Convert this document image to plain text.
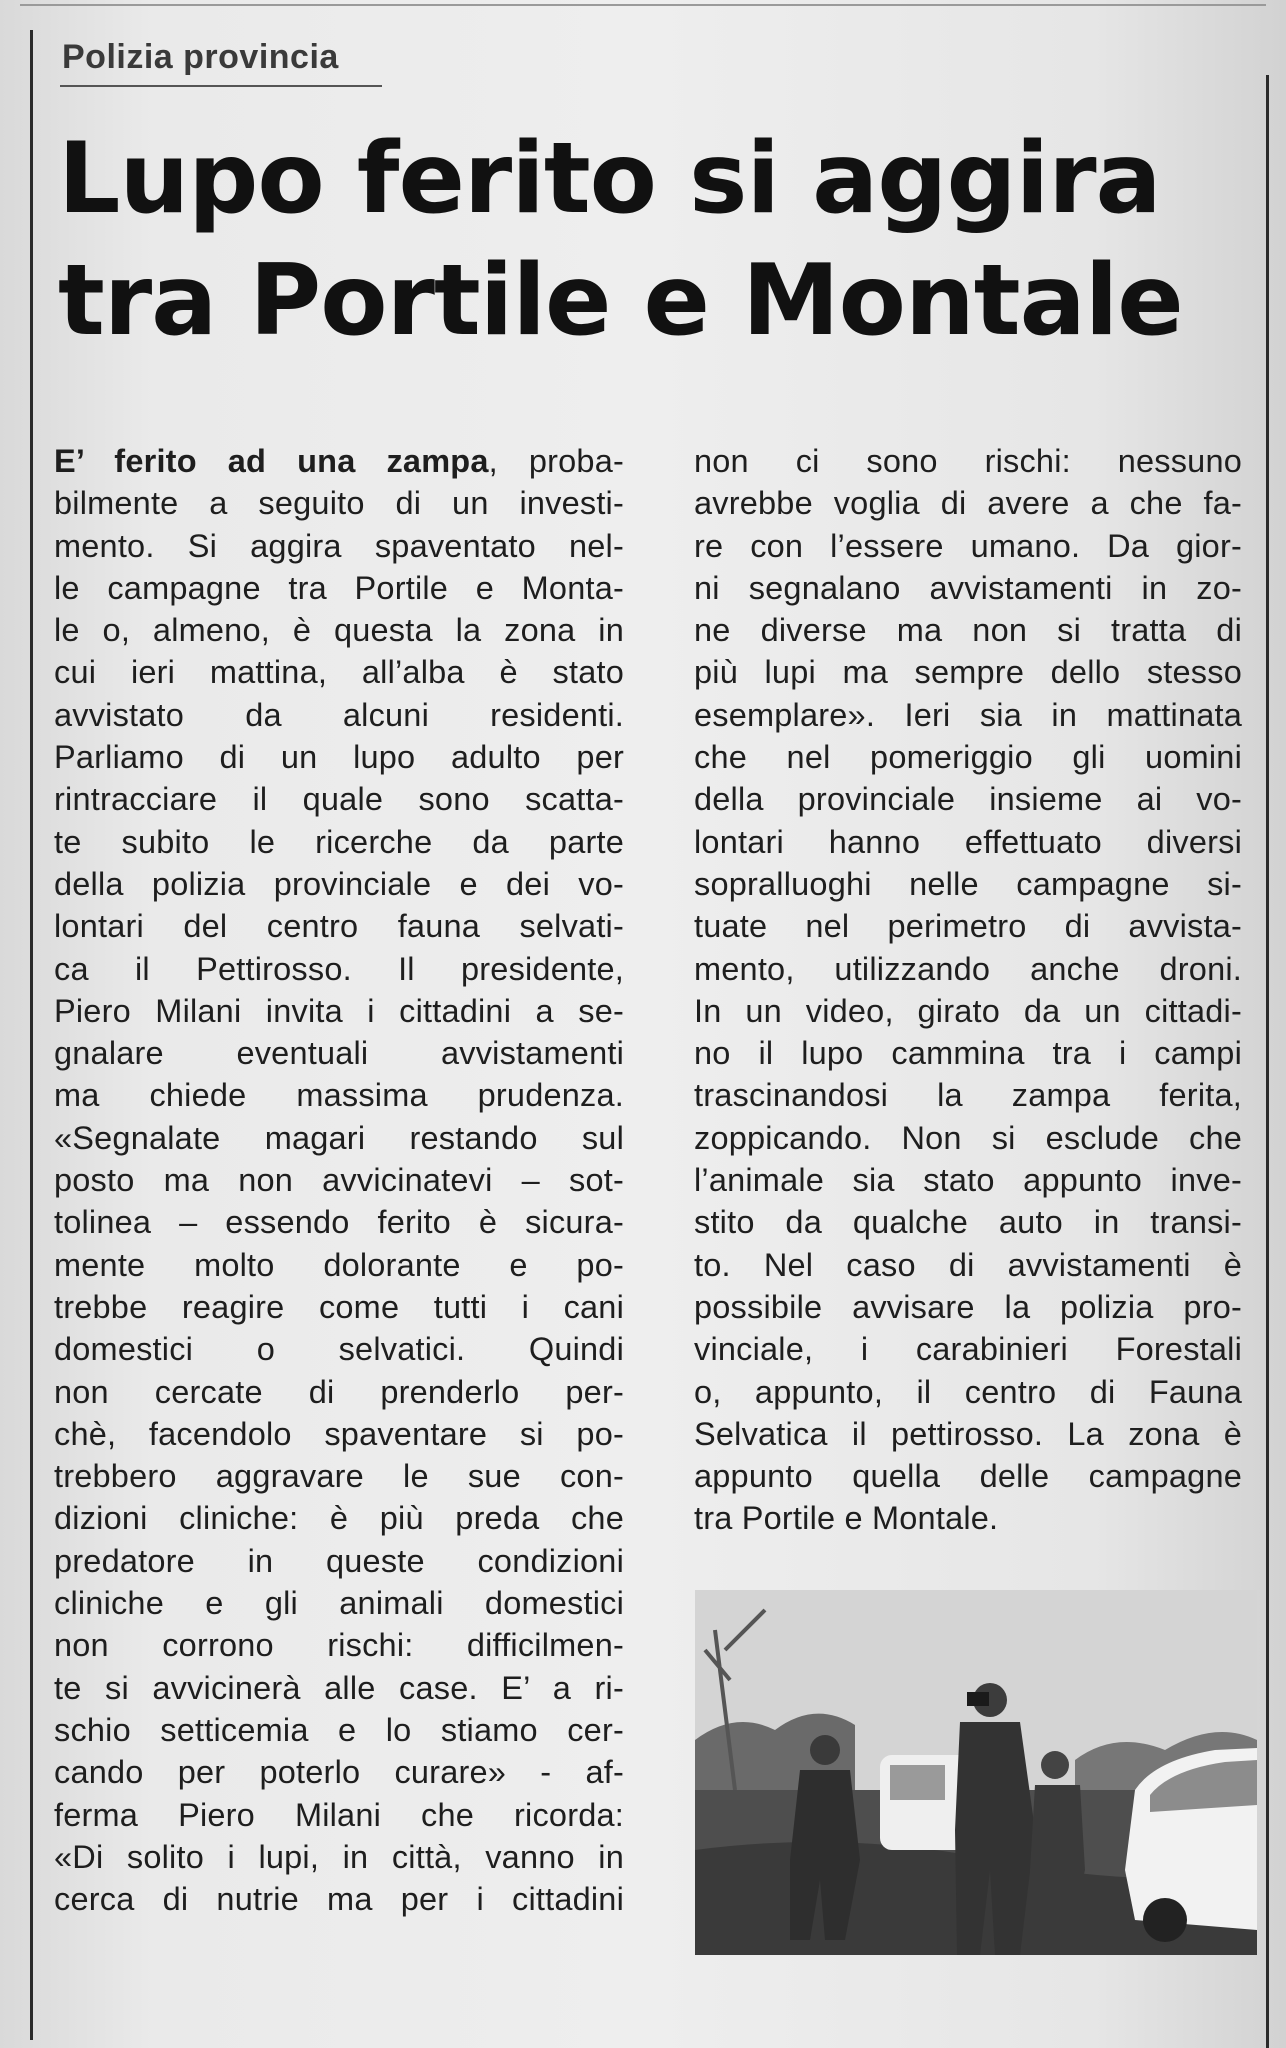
Polizia provincia
Lupo ferito si aggira
tra Portile e Montale
E’ ferito ad una zampa, proba-
bilmente a seguito di un investi-
mento. Si aggira spaventato nel-
le campagne tra Portile e Monta-
le o, almeno, è questa la zona in
cui ieri mattina, all’alba è stato
avvistato da alcuni residenti.
Parliamo di un lupo adulto per
rintracciare il quale sono scatta-
te subito le ricerche da parte
della polizia provinciale e dei vo-
lontari del centro fauna selvati-
ca il Pettirosso. Il presidente,
Piero Milani invita i cittadini a se-
gnalare eventuali avvistamenti
ma chiede massima prudenza.
«Segnalate magari restando sul
posto ma non avvicinatevi – sot-
tolinea – essendo ferito è sicura-
mente molto dolorante e po-
trebbe reagire come tutti i cani
domestici o selvatici. Quindi
non cercate di prenderlo per-
chè, facendolo spaventare si po-
trebbero aggravare le sue con-
dizioni cliniche: è più preda che
predatore in queste condizioni
cliniche e gli animali domestici
non corrono rischi: difficilmen-
te si avvicinerà alle case. E’ a ri-
schio setticemia e lo stiamo cer-
cando per poterlo curare» - af-
ferma Piero Milani che ricorda:
«Di solito i lupi, in città, vanno in
cerca di nutrie ma per i cittadini
non ci sono rischi: nessuno
avrebbe voglia di avere a che fa-
re con l’essere umano. Da gior-
ni segnalano avvistamenti in zo-
ne diverse ma non si tratta di
più lupi ma sempre dello stesso
esemplare». Ieri sia in mattinata
che nel pomeriggio gli uomini
della provinciale insieme ai vo-
lontari hanno effettuato diversi
sopralluoghi nelle campagne si-
tuate nel perimetro di avvista-
mento, utilizzando anche droni.
In un video, girato da un cittadi-
no il lupo cammina tra i campi
trascinandosi la zampa ferita,
zoppicando. Non si esclude che
l’animale sia stato appunto inve-
stito da qualche auto in transi-
to. Nel caso di avvistamenti è
possibile avvisare la polizia pro-
vinciale, i carabinieri Forestali
o, appunto, il centro di Fauna
Selvatica il pettirosso. La zona è
appunto quella delle campagne
tra Portile e Montale.
